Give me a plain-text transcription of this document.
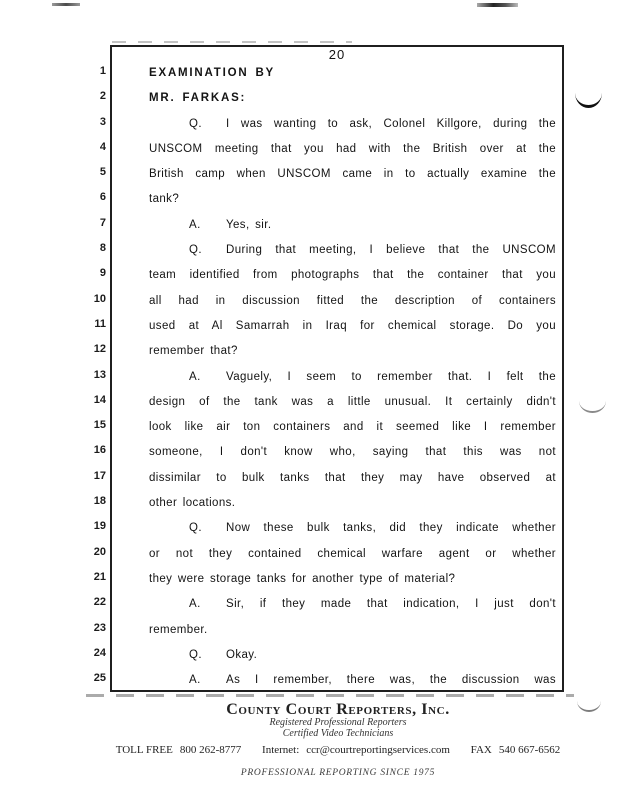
1
2
3
4
5
6
7
8
9
10
11
12
13
14
15
16
17
18
19
20
21
22
23
24
25
20
EXAMINATION BY
MR. FARKAS:
Q. I was wanting to ask, Colonel Killgore, during the
UNSCOM meeting that you had with the British over at the
British camp when UNSCOM came in to actually examine the
tank?
A. Yes, sir.
Q. During that meeting, I believe that the UNSCOM
team identified from photographs that the container that you
all had in discussion fitted the description of containers
used at Al Samarrah in Iraq for chemical storage. Do you
remember that?
A. Vaguely, I seem to remember that. I felt the
design of the tank was a little unusual. It certainly didn't
look like air ton containers and it seemed like I remember
someone, I don't know who, saying that this was not
dissimilar to bulk tanks that they may have observed at
other locations.
Q. Now these bulk tanks, did they indicate whether
or not they contained chemical warfare agent or whether
they were storage tanks for another type of material?
A. Sir, if they made that indication, I just don't
remember.
Q. Okay.
A. As I remember, there was, the discussion was
County Court Reporters, Inc.
Registered Professional Reporters
Certified Video Technicians
TOLL FREE 800 262-8777 Internet: ccr@courtreportingservices.com FAX 540 667-6562
PROFESSIONAL REPORTING SINCE 1975
